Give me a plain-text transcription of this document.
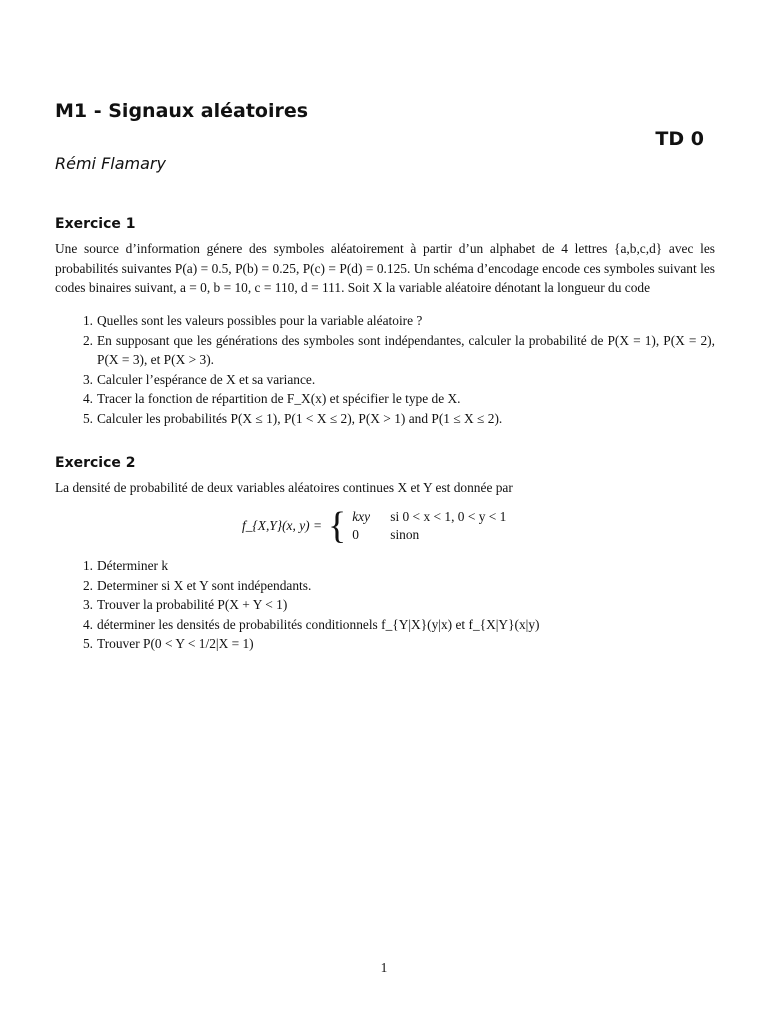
M1 - Signaux aléatoires
TD 0
Rémi Flamary
Exercice 1

Une source d’information génere des symboles aléatoirement à partir d’un alphabet de 4 lettres {a,b,c,d} avec les probabilités suivantes P(a) = 0.5, P(b) = 0.25, P(c) = P(d) = 0.125. Un schéma d’encodage encode ces symboles suivant les codes binaires suivant, a = 0, b = 10, c = 110, d = 111. Soit X la variable aléatoire dénotant la longueur du code

1. Quelles sont les valeurs possibles pour la variable aléatoire ?
2. En supposant que les générations des symboles sont indépendantes, calculer la probabilité de P(X = 1), P(X = 2), P(X = 3), et P(X > 3).
3. Calculer l’espérance de X et sa variance.
4. Tracer la fonction de répartition de F_X(x) et spécifier le type de X.
5. Calculer les probabilités P(X ≤ 1), P(1 < X ≤ 2), P(X > 1) and P(1 ≤ X ≤ 2).
Exercice 2

La densité de probabilité de deux variables aléatoires continues X et Y est donnée par

f_{X,Y}(x, y) = { kxy	si 0 < x < 1, 0 < y < 1
0	sinon
1. Déterminer k
2. Determiner si X et Y sont indépendants.
3. Trouver la probabilité P(X + Y < 1)
4. déterminer les densités de probabilités conditionnels f_{Y|X}(y|x) et f_{X|Y}(x|y)
5. Trouver P(0 < Y < 1/2|X = 1)
1
